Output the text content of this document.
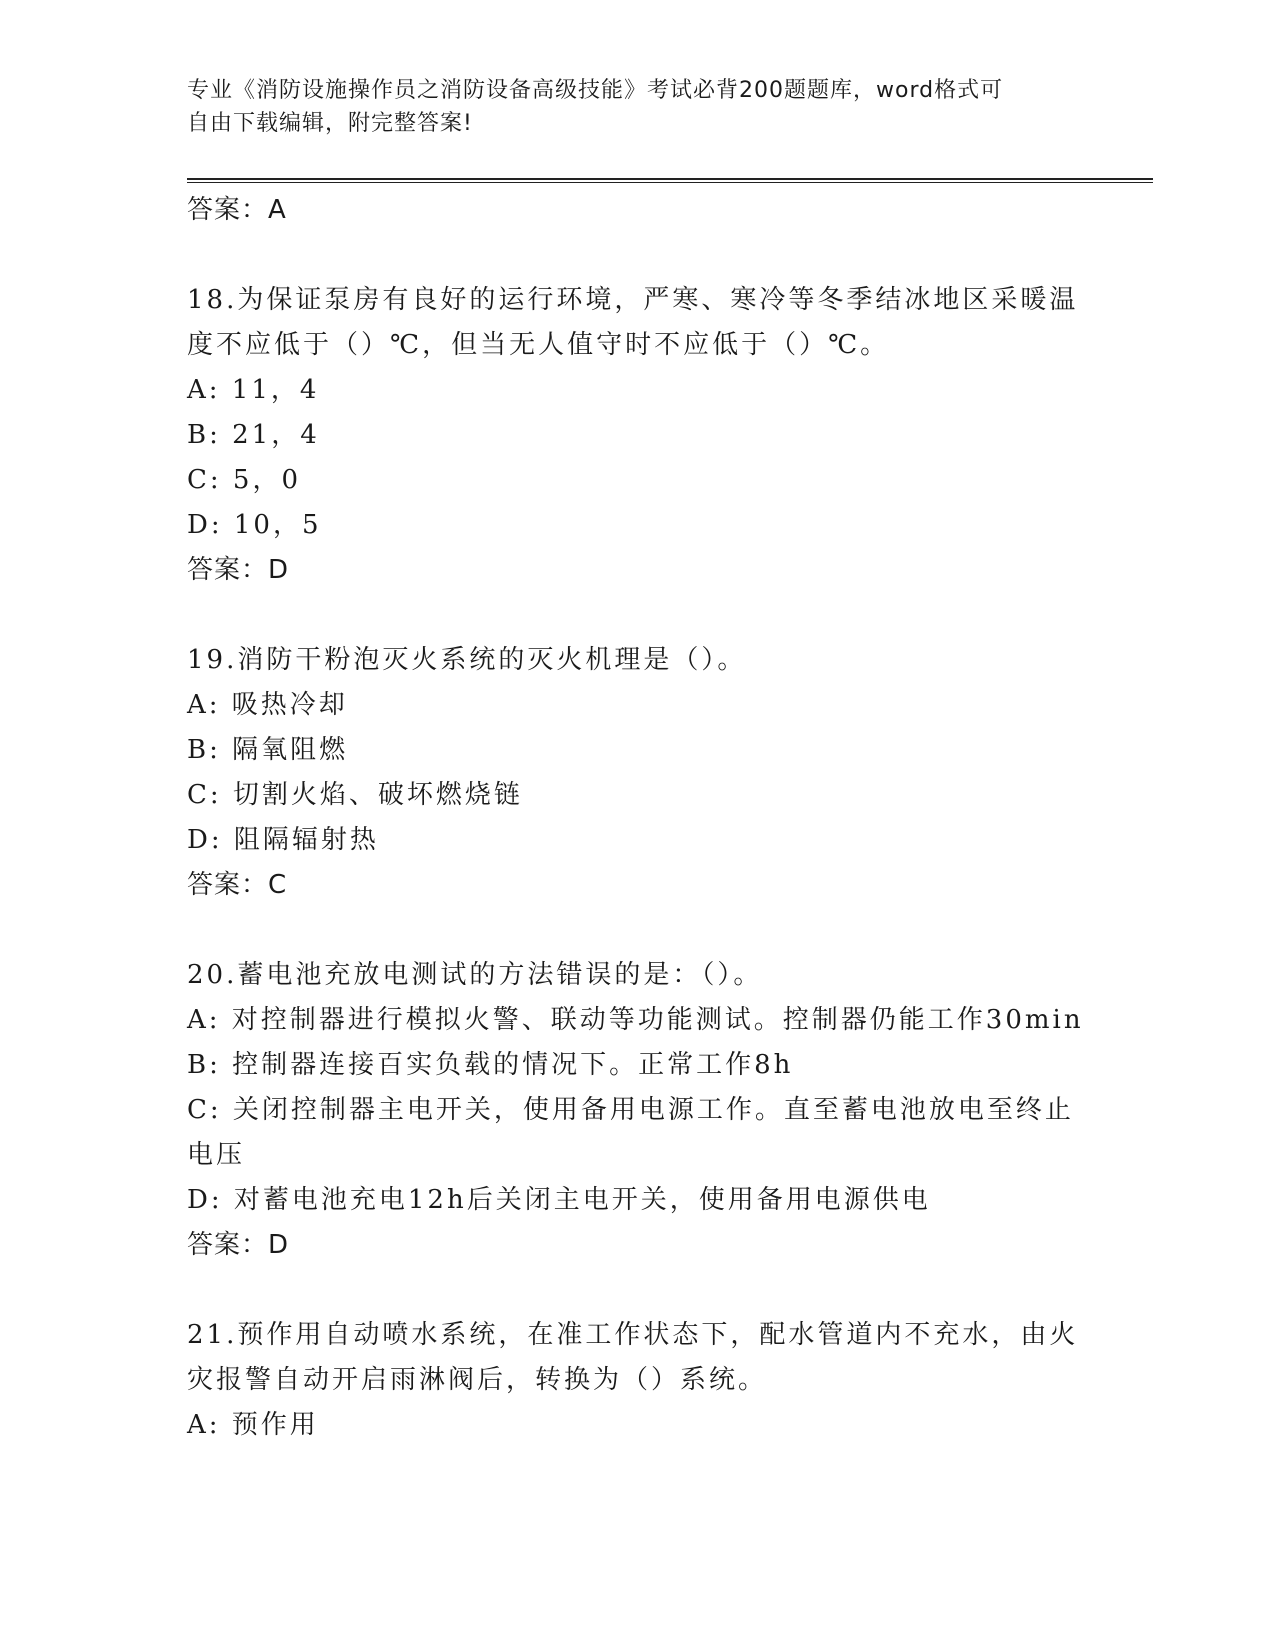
专业《消防设施操作员之消防设备高级技能》考试必背200题题库，word格式可
自由下载编辑，附完整答案!
答案：A
18.为保证泵房有良好的运行环境，严寒、寒冷等冬季结冰地区采暖温
度不应低于（）℃，但当无人值守时不应低于（）℃。
A: 11，4
B: 21，4
C: 5，0
D: 10，5
答案：D
19.消防干粉泡灭火系统的灭火机理是（）。
A: 吸热冷却
B: 隔氧阻燃
C: 切割火焰、破坏燃烧链
D: 阻隔辐射热
答案：C
20.蓄电池充放电测试的方法错误的是：（）。
A: 对控制器进行模拟火警、联动等功能测试。控制器仍能工作30min
B: 控制器连接百实负载的情况下。正常工作8h
C: 关闭控制器主电开关，使用备用电源工作。直至蓄电池放电至终止
电压
D: 对蓄电池充电12h后关闭主电开关，使用备用电源供电
答案：D
21.预作用自动喷水系统，在准工作状态下，配水管道内不充水，由火
灾报警自动开启雨淋阀后，转换为（）系统。
A: 预作用
